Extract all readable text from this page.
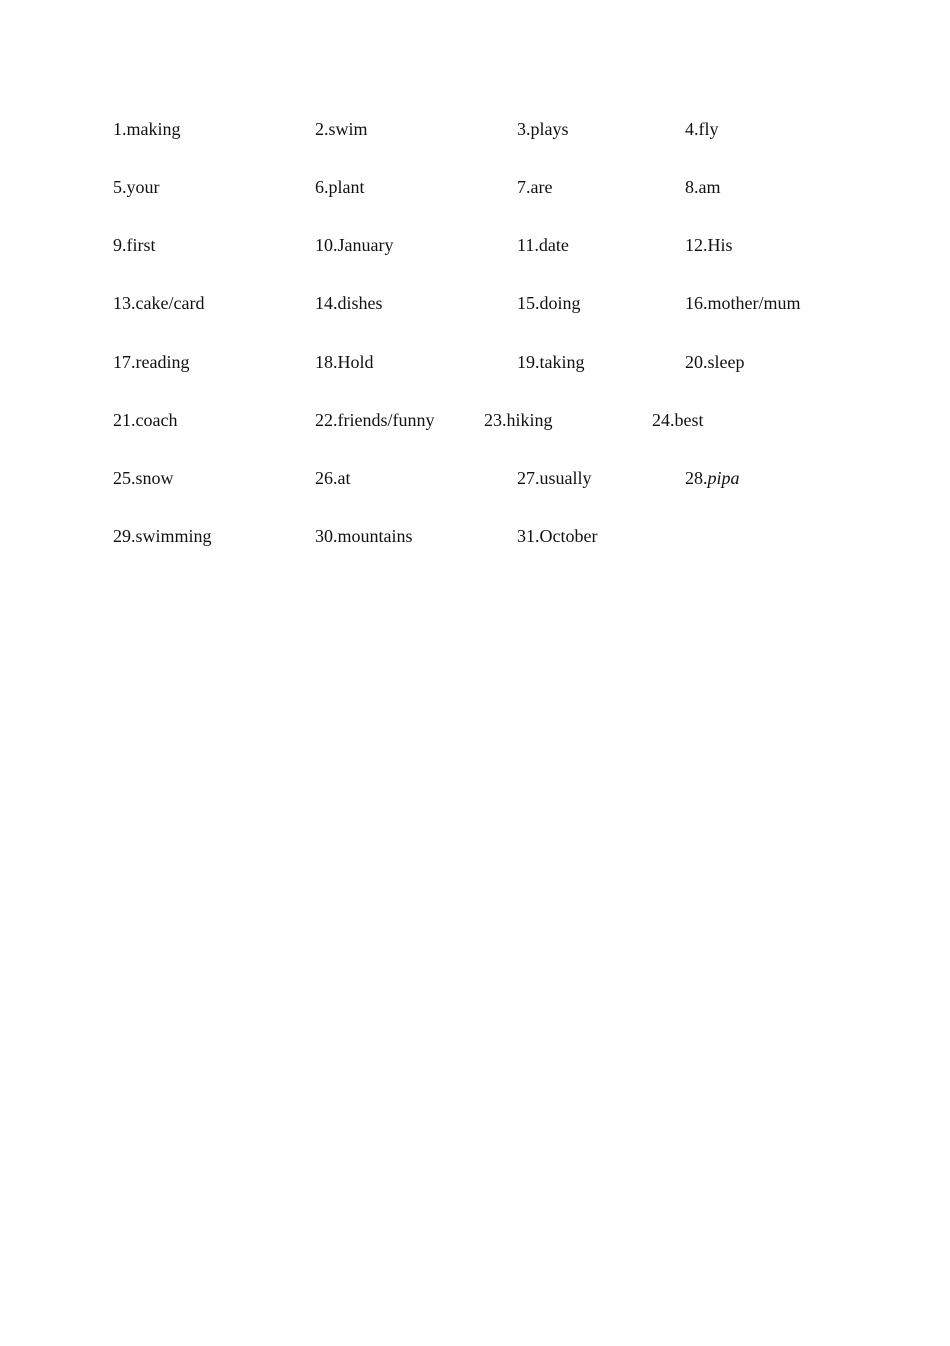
1.making	2.swim	3.plays	4.fly
5.your	6.plant	7.are	8.am
9.first	10.January	11.date	12.His
13.cake/card	14.dishes	15.doing	16.mother/mum
17.reading	18.Hold	19.taking	20.sleep
21.coach	22.friends/funny	23.hiking	24.best
25.snow	26.at	27.usually	28.pipa
29.swimming	30.mountains	31.October
